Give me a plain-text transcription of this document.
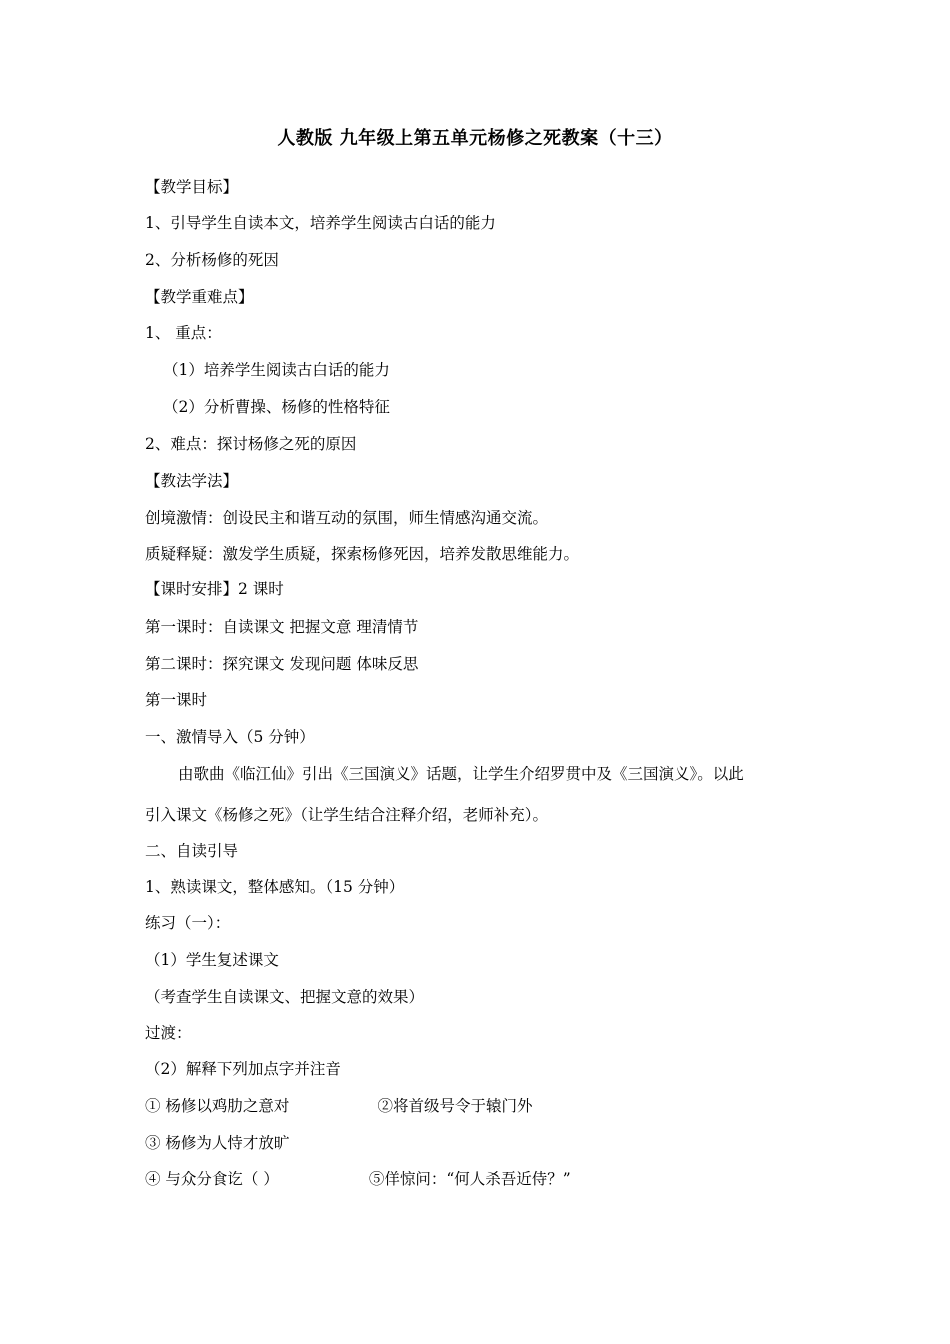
人教版 九年级上第五单元杨修之死教案（十三）
【教学目标】
1、引导学生自读本文，培养学生阅读古白话的能力
2、分析杨修的死因
【教学重难点】
1、 重点：
（1）培养学生阅读古白话的能力
（2）分析曹操、杨修的性格特征
2、难点：探讨杨修之死的原因
【教法学法】
创境激情：创设民主和谐互动的氛围，师生情感沟通交流。
质疑释疑：激发学生质疑，探索杨修死因，培养发散思维能力。
【课时安排】2 课时
第一课时：自读课文 把握文意 理清情节
第二课时：探究课文 发现问题 体味反思
第一课时
一、激情导入（5 分钟）
由歌曲《临江仙》引出《三国演义》话题，让学生介绍罗贯中及《三国演义》。以此
引入课文《杨修之死》（让学生结合注释介绍，老师补充）。
二、自读引导
1、熟读课文，整体感知。（15 分钟）
练习（一）：
（1）学生复述课文
（考查学生自读课文、把握文意的效果）
过渡：
（2）解释下列加点字并注音
① 杨修以鸡肋之意对	②将首级号令于辕门外
③ 杨修为人恃才放旷
④ 与众分食讫（ ）	⑤佯惊问：“何人杀吾近侍？”
